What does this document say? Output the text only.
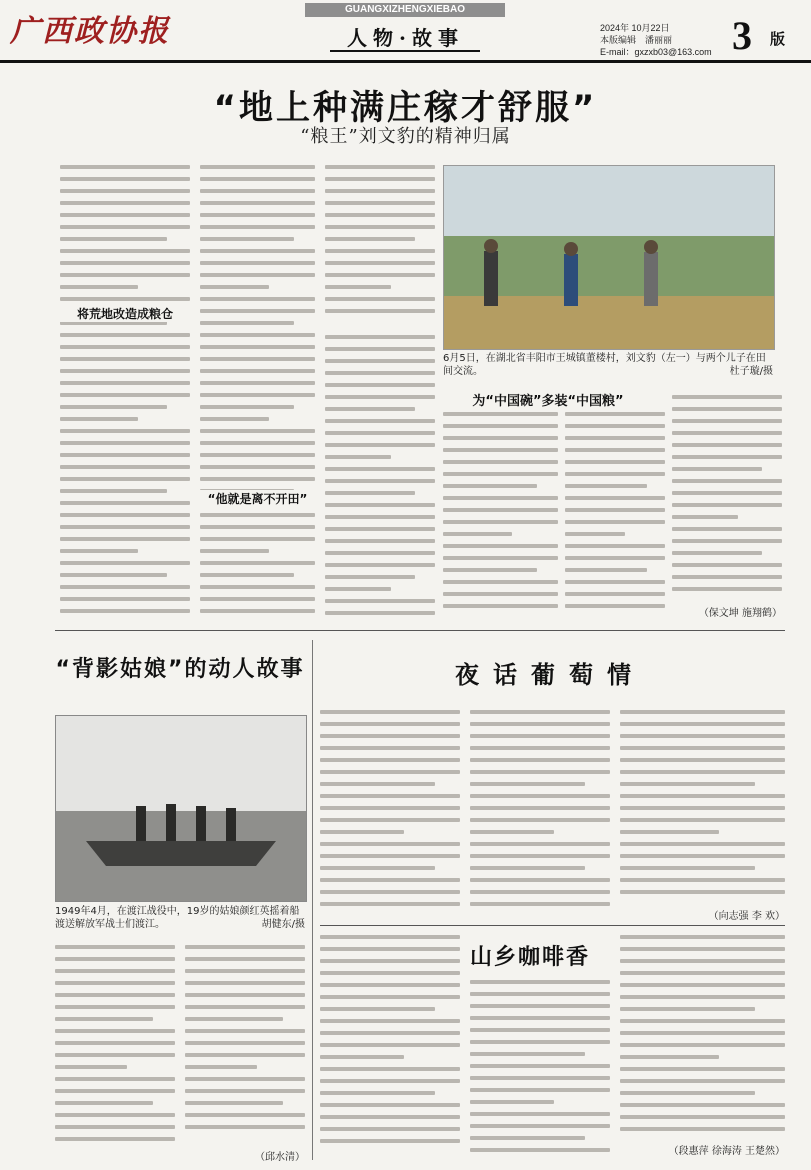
广西政协报
GUANGXIZHENGXIEBAO
人物·故事	2024年 10月22日
本版编辑　潘丽丽
E-mail：gxzxb03@163.com 3 版
“地上种满庄稼才舒服”
“粮王”刘文豹的精神归属
将荒地改造成粮仓
“他就是离不开田”
6月5日，在湖北省丰阳市王城镇董楼村，刘文豹（左一）与两个儿子在田间交流。	杜子璇/摄
为“中国碗”多装“中国粮”
（保文坤 施翔鹤）
“背影姑娘”的动人故事
1949年4月，在渡江战役中，19岁的姑娘颜红英摇着船渡送解放军战士们渡江。	胡健东/摄
（邱水清）
夜话葡萄情
（向志强 李 欢）
山乡咖啡香
（段惠萍 徐海涛 王楚然）
